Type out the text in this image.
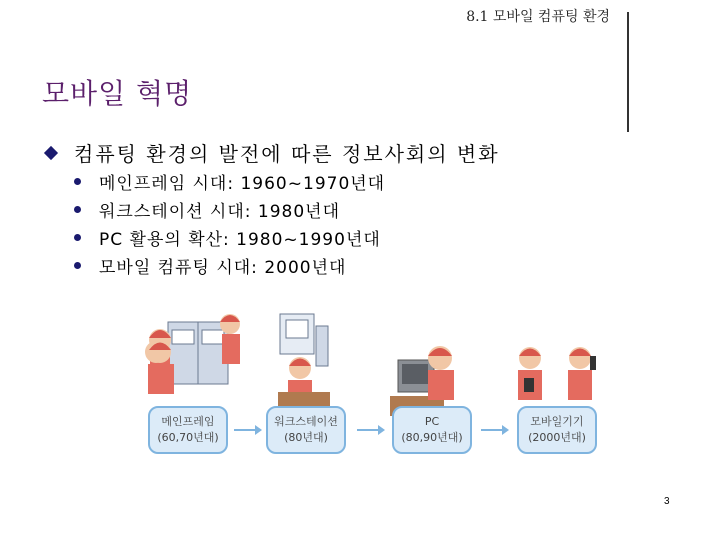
8.1 모바일 컴퓨팅 환경
모바일 혁명
컴퓨팅 환경의 발전에 따른 정보사회의 변화
메인프레임 시대: 1960~1970년대
워크스테이션 시대: 1980년대
PC 활용의 확산: 1980~1990년대
모바일 컴퓨팅 시대: 2000년대
메인프레임
(60,70년대)
워크스테이션
(80년대)
PC
(80,90년대)
모바일기기
(2000년대)
3
